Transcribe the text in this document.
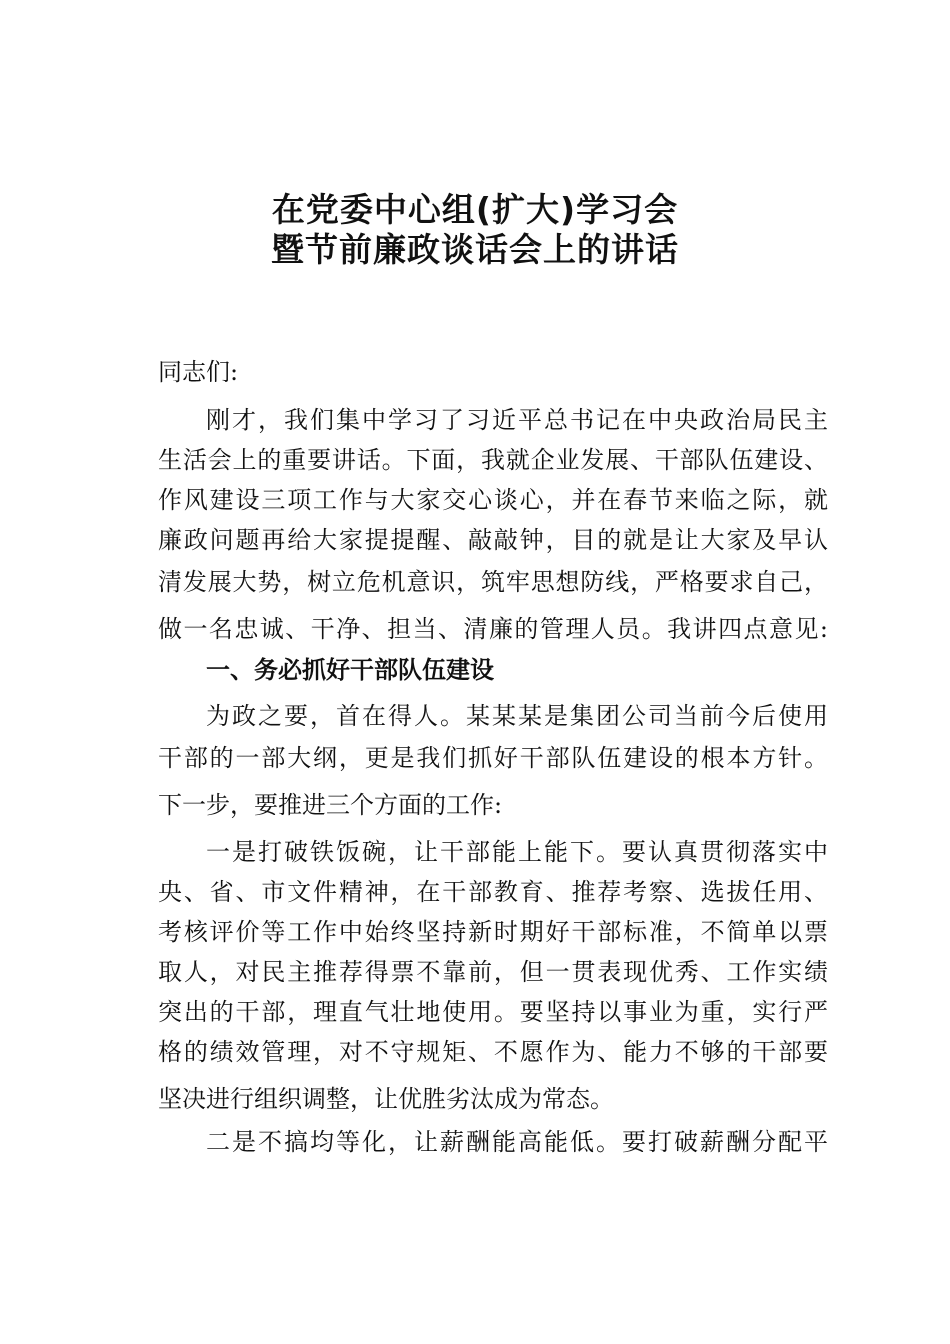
在党委中心组(扩大)学习会
暨节前廉政谈话会上的讲话
同志们:
刚才，我们集中学习了习近平总书记在中央政治局民主
生活会上的重要讲话。下面，我就企业发展、干部队伍建设、
作风建设三项工作与大家交心谈心，并在春节来临之际，就
廉政问题再给大家提提醒、敲敲钟，目的就是让大家及早认
清发展大势，树立危机意识，筑牢思想防线，严格要求自己，
做一名忠诚、干净、担当、清廉的管理人员。我讲四点意见:
一、务必抓好干部队伍建设
为政之要，首在得人。某某某是集团公司当前今后使用
干部的一部大纲，更是我们抓好干部队伍建设的根本方针。
下一步，要推进三个方面的工作:
一是打破铁饭碗，让干部能上能下。要认真贯彻落实中
央、省、市文件精神，在干部教育、推荐考察、选拔任用、
考核评价等工作中始终坚持新时期好干部标准，不简单以票
取人，对民主推荐得票不靠前，但一贯表现优秀、工作实绩
突出的干部，理直气壮地使用。要坚持以事业为重，实行严
格的绩效管理，对不守规矩、不愿作为、能力不够的干部要
坚决进行组织调整，让优胜劣汰成为常态。
二是不搞均等化，让薪酬能高能低。要打破薪酬分配平
